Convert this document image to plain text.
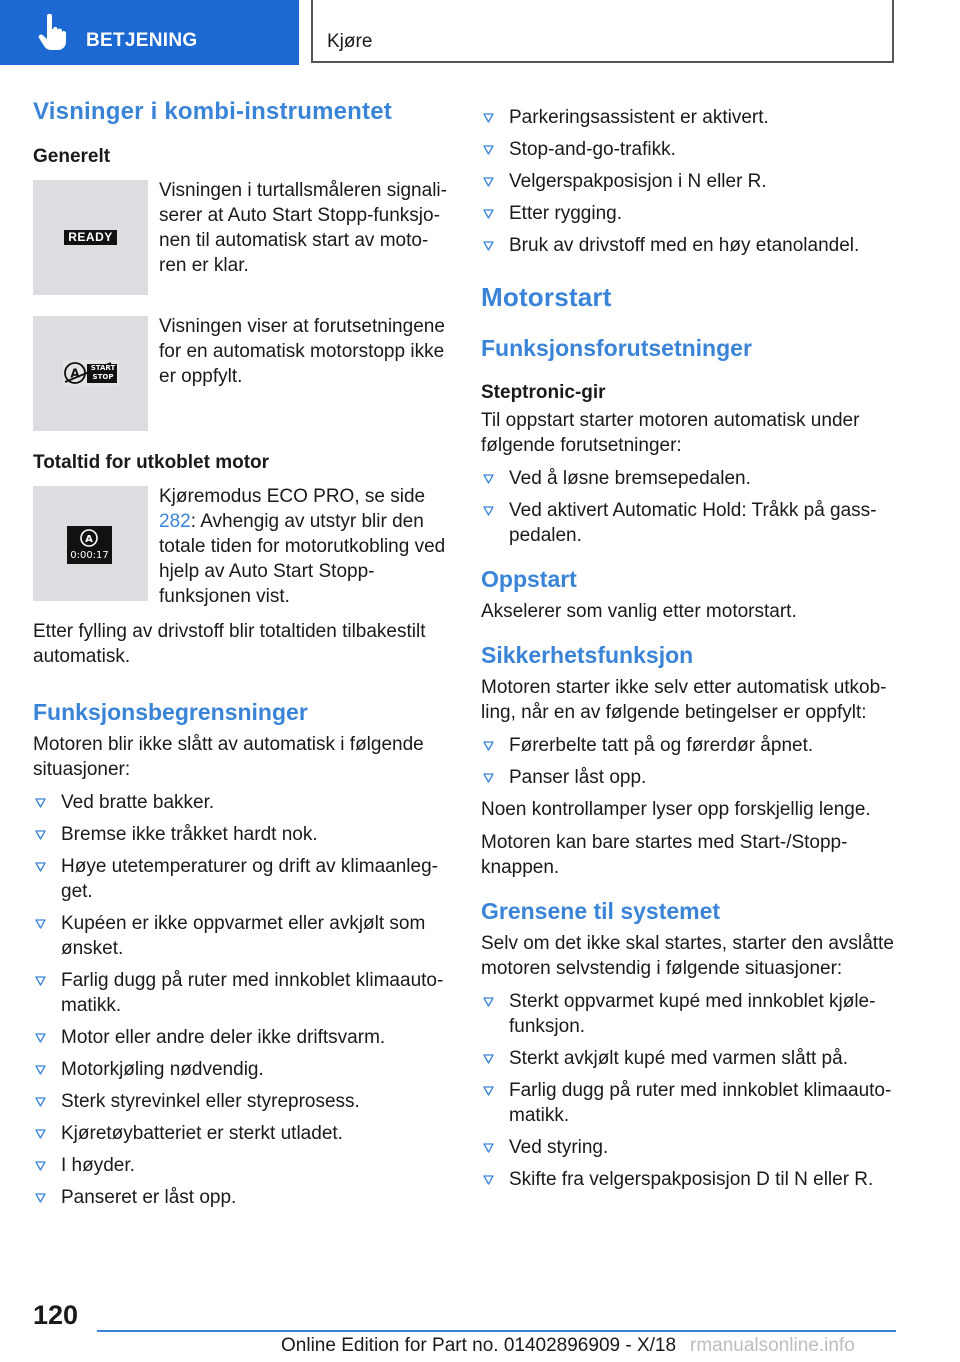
BETJENING	Kjøre
Visninger i kombi-instrumentet
Generelt
READY
Visningen i turtallsmåleren signaliserer at Auto Start Stopp-funksjonen til automatisk start av motoren er klar.
A	START
STOP
Visningen viser at forutsetningene for en automatisk motorstopp ikke er oppfylt.
Totaltid for utkoblet motor
A
0:00:17
Kjøremodus ECO PRO, se side 282: Avhengig av utstyr blir den totale tiden for motorutkobling ved hjelp av Auto Start Stopp-funksjonen vist.

Etter fylling av drivstoff blir totaltiden tilbakestilt automatisk.

Funksjonsbegrensninger

Motoren blir ikke slått av automatisk i følgende situasjoner:

Ved bratte bakker.
Bremse ikke tråkket hardt nok.
Høye utetemperaturer og drift av klimaanlegget.
Kupéen er ikke oppvarmet eller avkjølt som ønsket.
Farlig dugg på ruter med innkoblet klimaautomatikk.
Motor eller andre deler ikke driftsvarm.
Motorkjøling nødvendig.
Sterk styrevinkel eller styreprosess.
Kjøretøybatteriet er sterkt utladet.
I høyder.
Panseret er låst opp.
Parkeringsassistent er aktivert.
Stop-and-go-trafikk.
Velgerspakposisjon i N eller R.
Etter rygging.
Bruk av drivstoff med en høy etanolandel.
Motorstart
Funksjonsforutsetninger
Steptronic-gir

Til oppstart starter motoren automatisk under følgende forutsetninger:

Ved å løsne bremsepedalen.
Ved aktivert Automatic Hold: Tråkk på gasspedalen.
Oppstart

Akselerer som vanlig etter motorstart.

Sikkerhetsfunksjon

Motoren starter ikke selv etter automatisk utkobling, når en av følgende betingelser er oppfylt:

Førerbelte tatt på og førerdør åpnet.
Panser låst opp.

Noen kontrollamper lyser opp forskjellig lenge.

Motoren kan bare startes med Start-/Stopp-knappen.

Grensene til systemet

Selv om det ikke skal startes, starter den avslåtte motoren selvstendig i følgende situasjoner:

Sterkt oppvarmet kupé med innkoblet kjølefunksjon.
Sterkt avkjølt kupé med varmen slått på.
Farlig dugg på ruter med innkoblet klimaautomatikk.
Ved styring.
Skifte fra velgerspakposisjon D til N eller R.
120
Online Edition for Part no. 01402896909 - X/18 rmanualsonline.info
